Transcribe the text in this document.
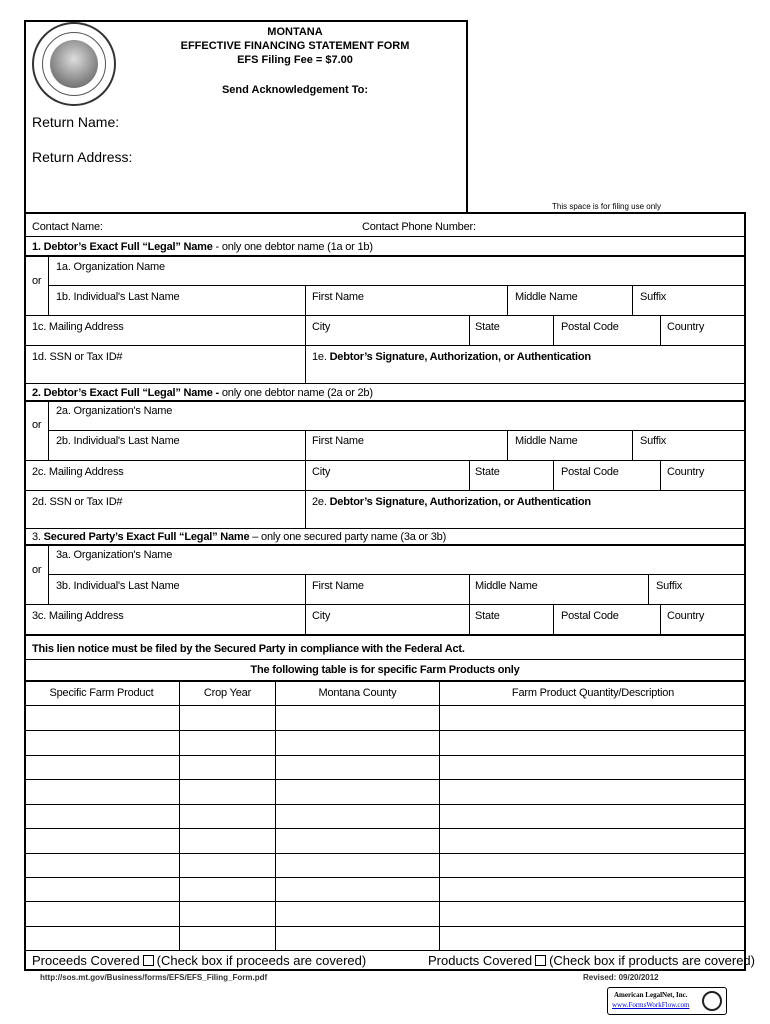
MONTANA
EFFECTIVE FINANCING STATEMENT FORM
EFS Filing Fee = $7.00
Send Acknowledgement To:
Return Name:
Return Address:
This space is for filing use only
Contact Name:	Contact Phone Number:
1. Debtor’s Exact Full “Legal” Name - only one debtor name (1a or 1b)
1a. Organization Name
or
1b. Individual's Last Name	First Name	Middle Name	Suffix
1c. Mailing Address	City	State	Postal Code	Country
1d. SSN or Tax ID#	1e. Debtor’s Signature, Authorization, or Authentication
2. Debtor’s Exact Full “Legal” Name - only one debtor name (2a or 2b)
2a. Organization's Name
or
2b. Individual's Last Name	First Name	Middle Name	Suffix
2c. Mailing Address	City	State	Postal Code	Country
2d. SSN or Tax ID#	2e. Debtor’s Signature, Authorization, or Authentication
3. Secured Party’s Exact Full “Legal” Name – only one secured party name (3a or 3b)
3a. Organization's Name
or
3b. Individual's Last Name	First Name	Middle Name	Suffix
3c. Mailing Address	City	State	Postal Code	Country
This lien notice must be filed by the Secured Party in compliance with the Federal Act.
The following table is for specific Farm Products only
Specific Farm Product	Crop Year	Montana County	Farm Product Quantity/Description
Proceeds Covered (Check box if proceeds are covered)	Products Covered (Check box if products are covered)
http://sos.mt.gov/Business/forms/EFS/EFS_Filing_Form.pdf	Revised: 09/20/2012
American LegalNet, Inc.
www.FormsWorkFlow.com
